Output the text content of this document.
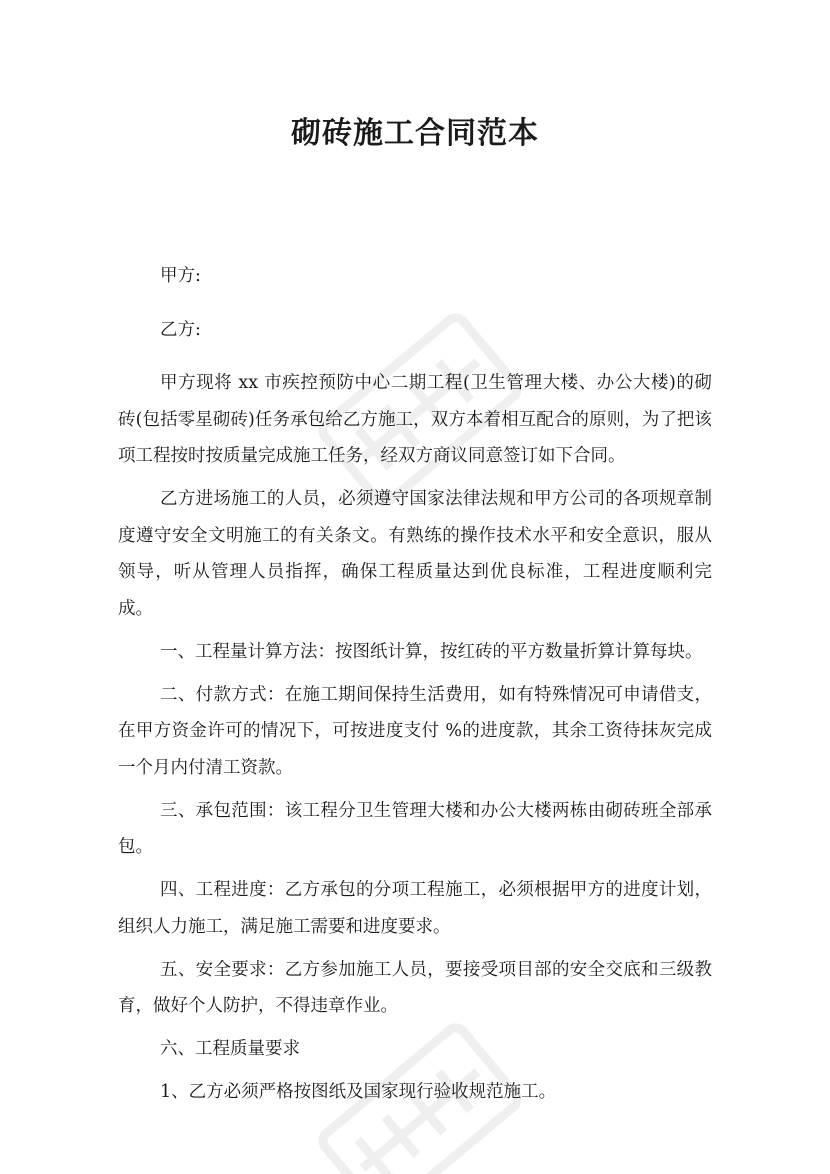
砌砖施工合同范本

甲方:

乙方:

甲方现将 xx 市疾控预防中心二期工程(卫生管理大楼、办公大楼)的砌砖(包括零星砌砖)任务承包给乙方施工，双方本着相互配合的原则，为了把该项工程按时按质量完成施工任务，经双方商议同意签订如下合同。

乙方进场施工的人员，必须遵守国家法律法规和甲方公司的各项规章制度遵守安全文明施工的有关条文。有熟练的操作技术水平和安全意识，服从领导，听从管理人员指挥，确保工程质量达到优良标准，工程进度顺利完成。

一、工程量计算方法：按图纸计算，按红砖的平方数量折算计算每块。

二、付款方式：在施工期间保持生活费用，如有特殊情况可申请借支，在甲方资金许可的情况下，可按进度支付 %的进度款，其余工资待抹灰完成一个月内付清工资款。

三、承包范围：该工程分卫生管理大楼和办公大楼两栋由砌砖班全部承包。

四、工程进度：乙方承包的分项工程施工，必须根据甲方的进度计划，组织人力施工，满足施工需要和进度要求。

五、安全要求：乙方参加施工人员，要接受项目部的安全交底和三级教育，做好个人防护，不得违章作业。

六、工程质量要求

1、乙方必须严格按图纸及国家现行验收规范施工。
